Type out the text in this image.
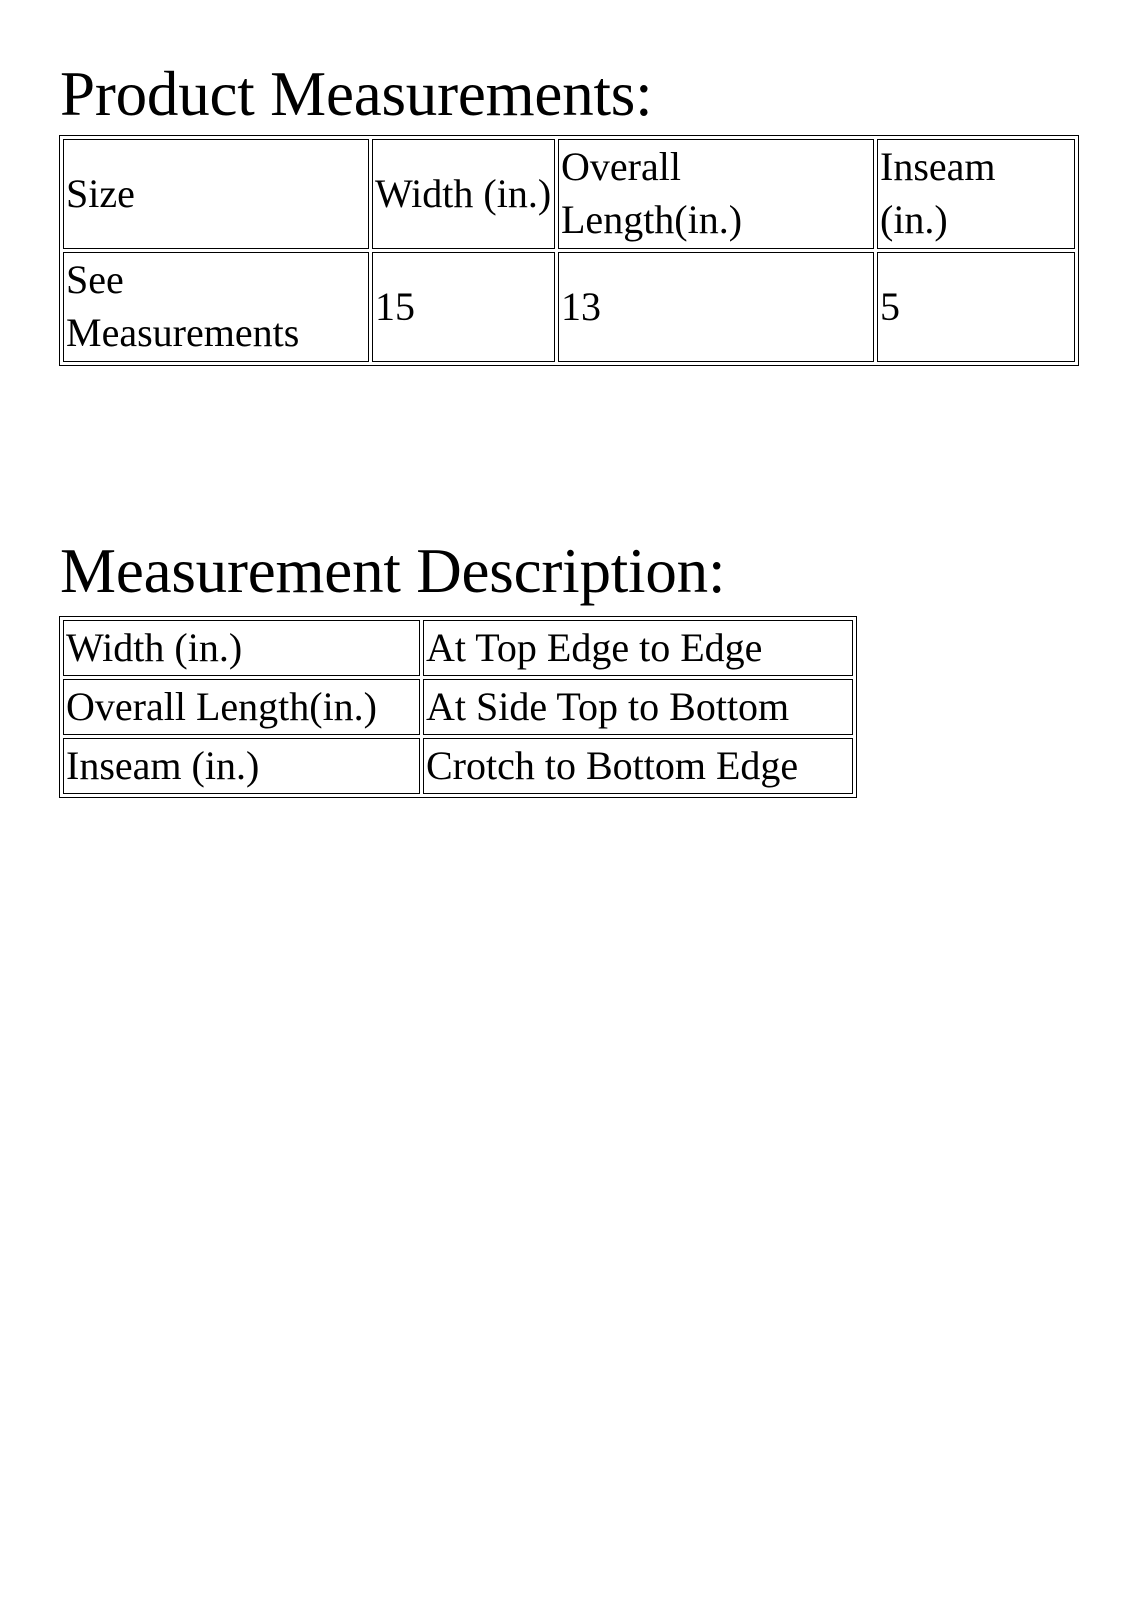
Product Measurements:
Size	Width (in.)	Overall Length(in.)	Inseam (in.)
See Measurements	15	13	5
Measurement Description:
Width (in.)	At Top Edge to Edge
Overall Length(in.)	At Side Top to Bottom
Inseam (in.)	Crotch to Bottom Edge
